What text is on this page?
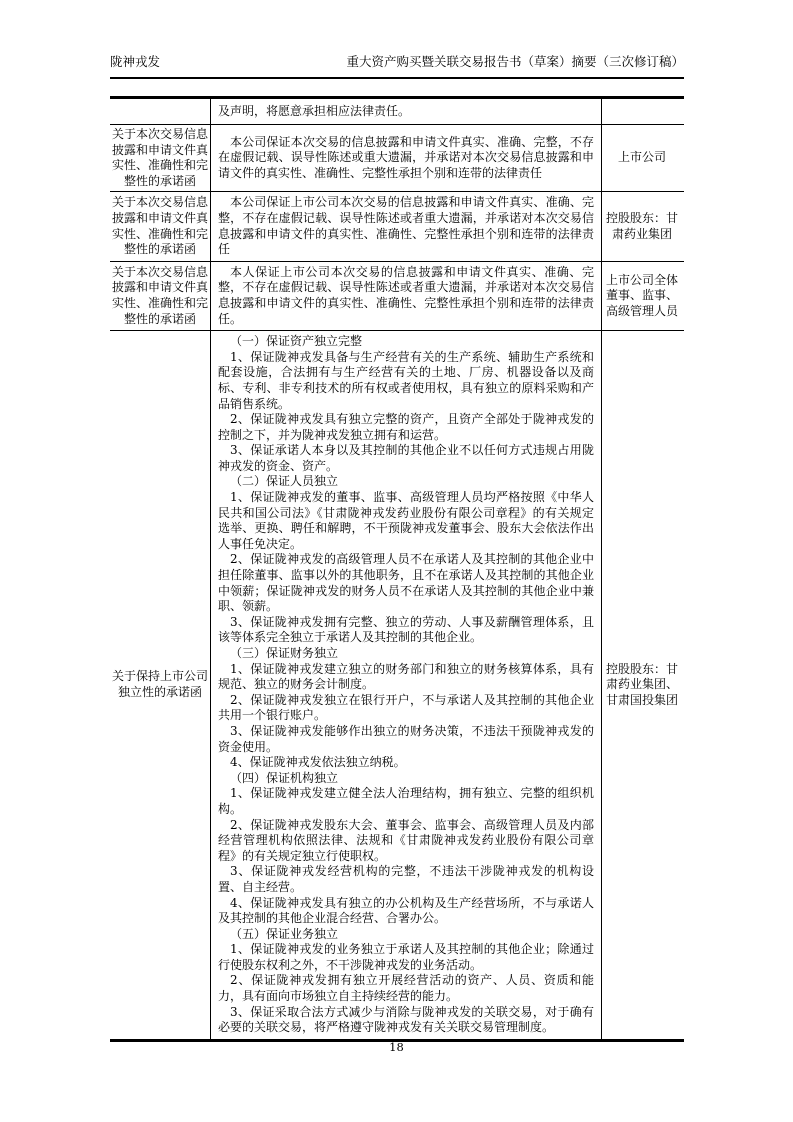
陇神戎发	重大资产购买暨关联交易报告书（草案）摘要（三次修订稿）
及声明，将愿意承担相应法律责任。
关于本次交易信息披露和申请文件真实性、准确性和完整性的承诺函
本公司保证本次交易的信息披露和申请文件真实、准确、完整，不存在虚假记载、误导性陈述或重大遗漏，并承诺对本次交易信息披露和申请文件的真实性、准确性、完整性承担个别和连带的法律责任
上市公司
关于本次交易信息披露和申请文件真实性、准确性和完整性的承诺函
本公司保证上市公司本次交易的信息披露和申请文件真实、准确、完整，不存在虚假记载、误导性陈述或者重大遗漏，并承诺对本次交易信息披露和申请文件的真实性、准确性、完整性承担个别和连带的法律责任
控股股东：甘肃药业集团
关于本次交易信息披露和申请文件真实性、准确性和完整性的承诺函
本人保证上市公司本次交易的信息披露和申请文件真实、准确、完整，不存在虚假记载、误导性陈述或者重大遗漏，并承诺对本次交易信息披露和申请文件的真实性、准确性、完整性承担个别和连带的法律责任。
上市公司全体董事、监事、高级管理人员
关于保持上市公司独立性的承诺函
（一）保证资产独立完整
1、保证陇神戎发具备与生产经营有关的生产系统、辅助生产系统和配套设施，合法拥有与生产经营有关的土地、厂房、机器设备以及商标、专利、非专利技术的所有权或者使用权，具有独立的原料采购和产品销售系统。
2、保证陇神戎发具有独立完整的资产，且资产全部处于陇神戎发的控制之下，并为陇神戎发独立拥有和运营。
3、保证承诺人本身以及其控制的其他企业不以任何方式违规占用陇神戎发的资金、资产。
（二）保证人员独立
1、保证陇神戎发的董事、监事、高级管理人员均严格按照《中华人民共和国公司法》《甘肃陇神戎发药业股份有限公司章程》的有关规定选举、更换、聘任和解聘，不干预陇神戎发董事会、股东大会依法作出人事任免决定。
2、保证陇神戎发的高级管理人员不在承诺人及其控制的其他企业中担任除董事、监事以外的其他职务，且不在承诺人及其控制的其他企业中领薪；保证陇神戎发的财务人员不在承诺人及其控制的其他企业中兼职、领薪。
3、保证陇神戎发拥有完整、独立的劳动、人事及薪酬管理体系，且该等体系完全独立于承诺人及其控制的其他企业。
（三）保证财务独立
1、保证陇神戎发建立独立的财务部门和独立的财务核算体系，具有规范、独立的财务会计制度。
2、保证陇神戎发独立在银行开户，不与承诺人及其控制的其他企业共用一个银行账户。
3、保证陇神戎发能够作出独立的财务决策，不违法干预陇神戎发的资金使用。
4、保证陇神戎发依法独立纳税。
（四）保证机构独立
1、保证陇神戎发建立健全法人治理结构，拥有独立、完整的组织机构。
2、保证陇神戎发股东大会、董事会、监事会、高级管理人员及内部经营管理机构依照法律、法规和《甘肃陇神戎发药业股份有限公司章程》的有关规定独立行使职权。
3、保证陇神戎发经营机构的完整，不违法干涉陇神戎发的机构设置、自主经营。
4、保证陇神戎发具有独立的办公机构及生产经营场所，不与承诺人及其控制的其他企业混合经营、合署办公。
（五）保证业务独立
1、保证陇神戎发的业务独立于承诺人及其控制的其他企业；除通过行使股东权利之外，不干涉陇神戎发的业务活动。
2、保证陇神戎发拥有独立开展经营活动的资产、人员、资质和能力，具有面向市场独立自主持续经营的能力。
3、保证采取合法方式减少与消除与陇神戎发的关联交易，对于确有必要的关联交易，将严格遵守陇神戎发有关关联交易管理制度。
控股股东：甘肃药业集团、甘肃国投集团
18
